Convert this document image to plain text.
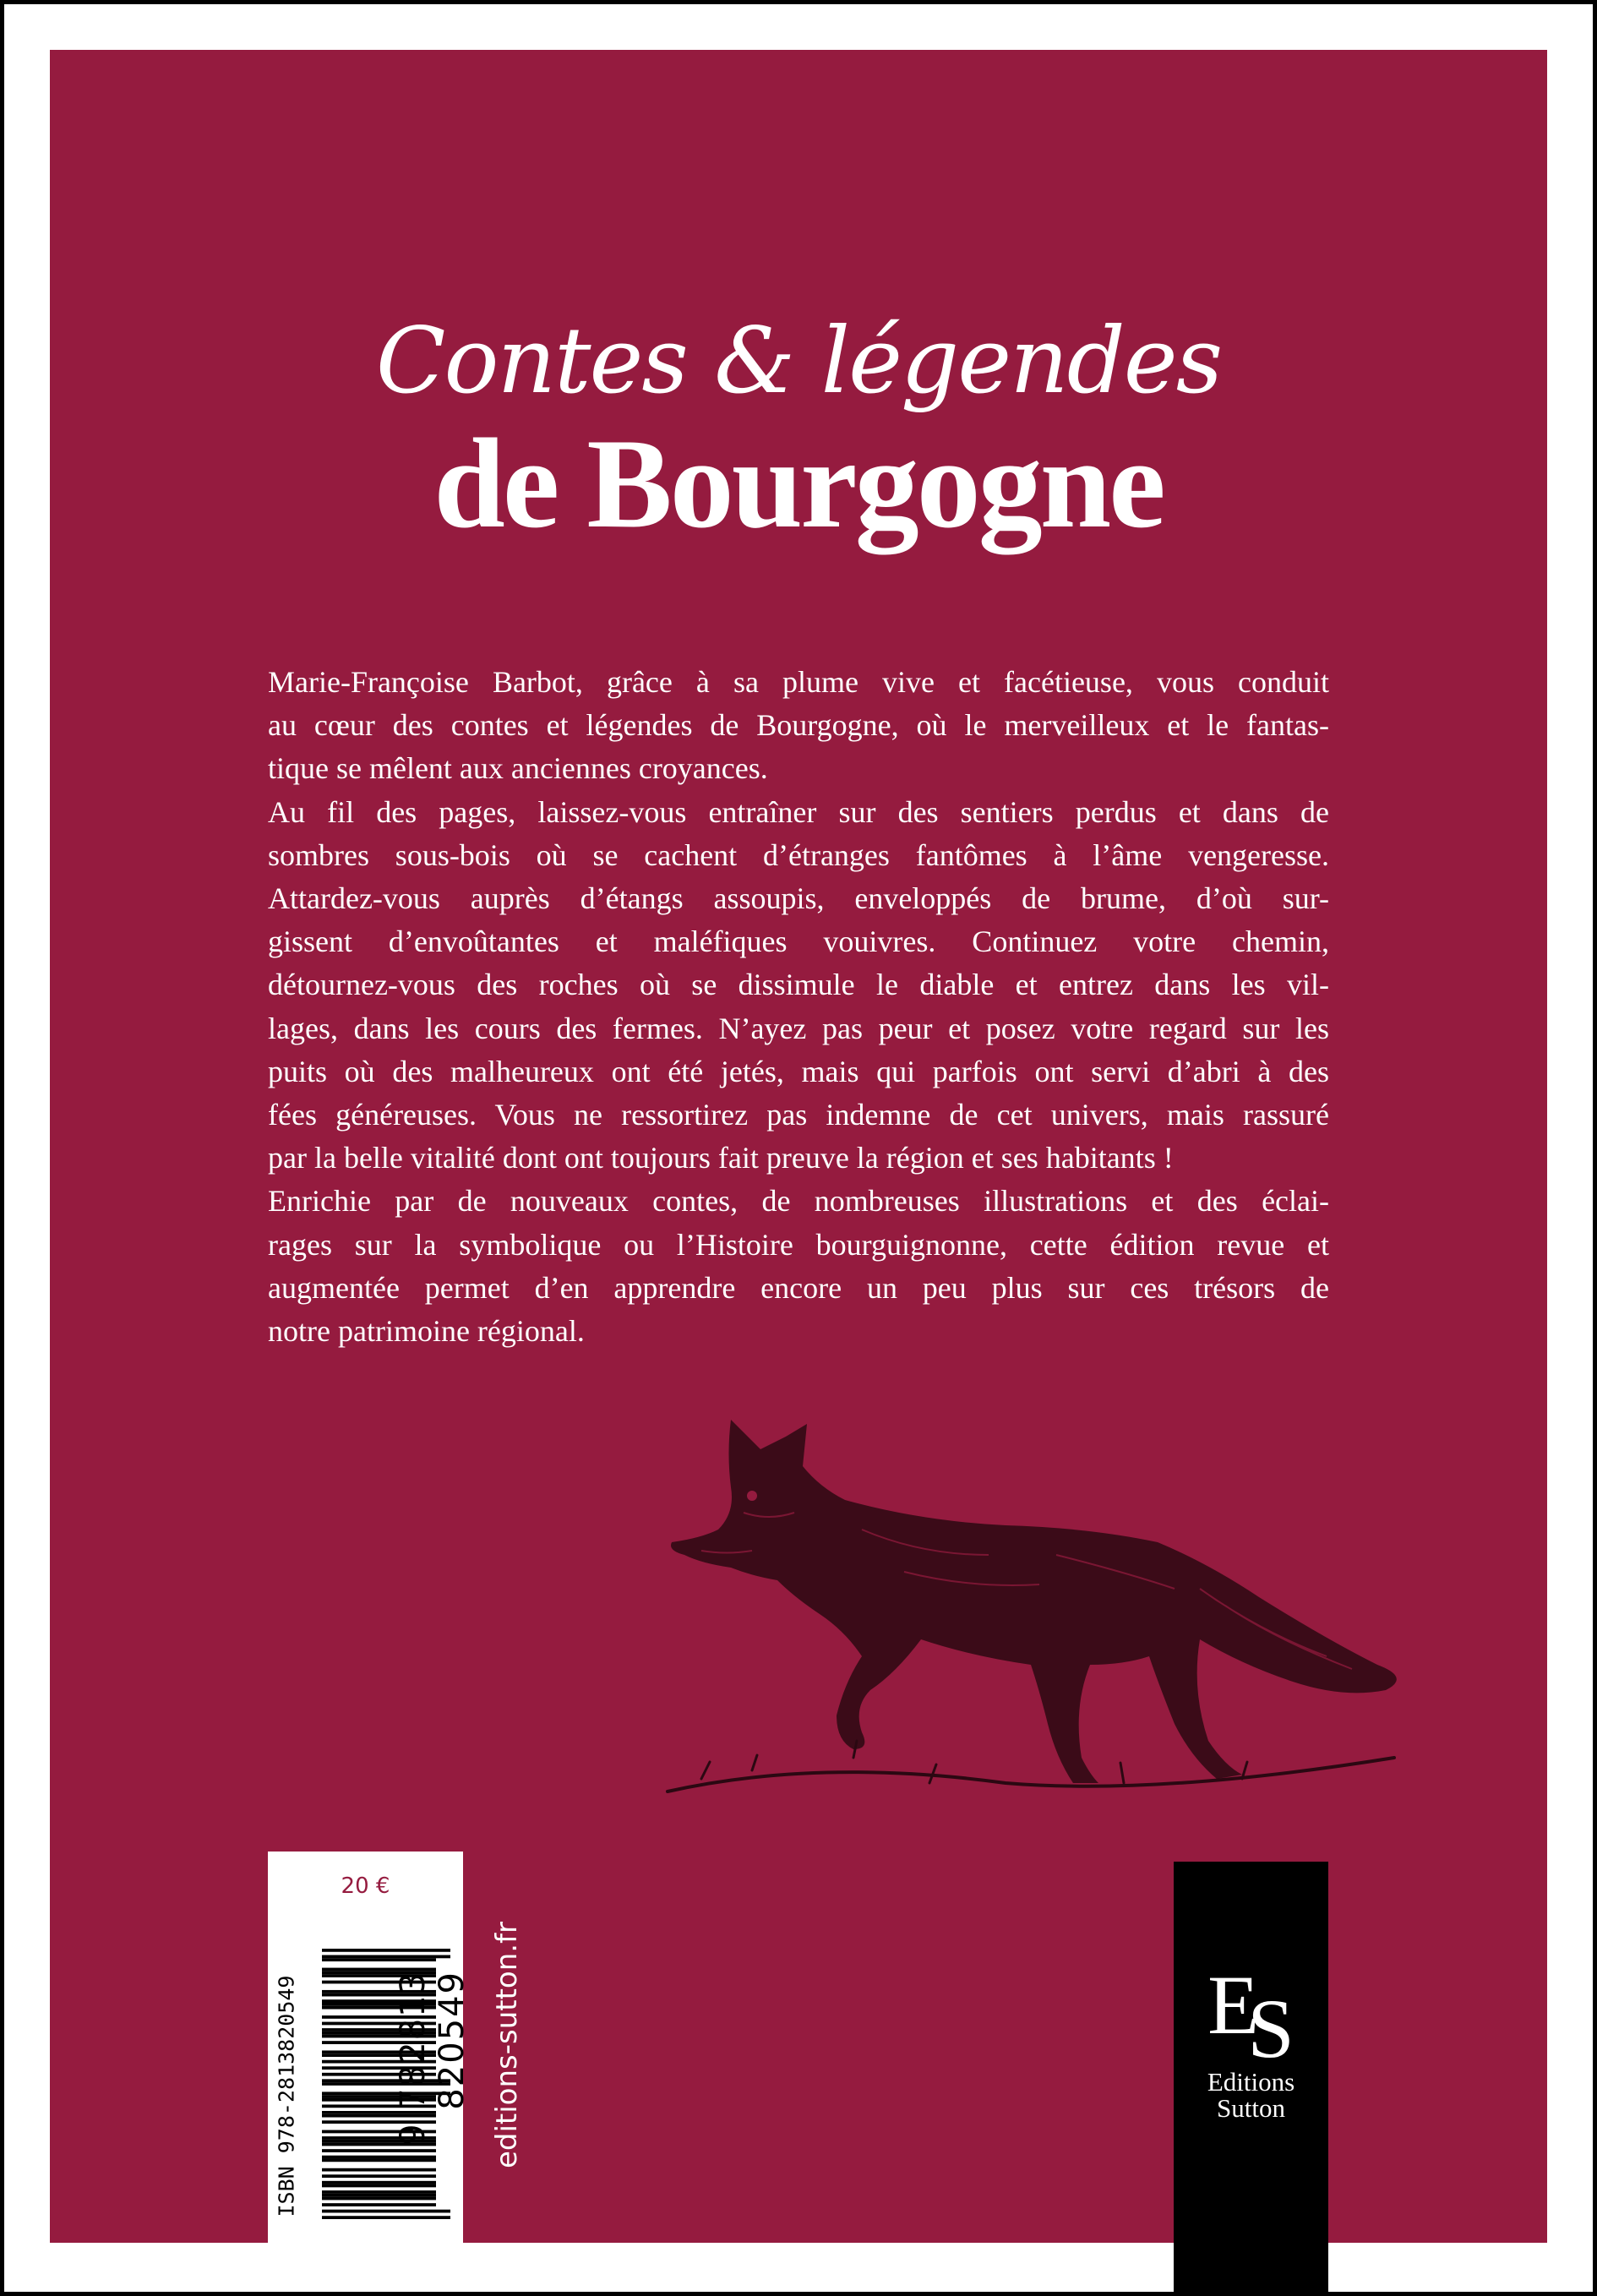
Contes & légendes
de Bourgogne
Marie-Françoise Barbot, grâce à sa plume vive et facétieuse, vous conduit
au cœur des contes et légendes de Bourgogne, où le merveilleux et le fantas-
tique se mêlent aux anciennes croyances.
Au fil des pages, laissez-vous entraîner sur des sentiers perdus et dans de
sombres sous-bois où se cachent d’étranges fantômes à l’âme vengeresse.
Attardez-vous auprès d’étangs assoupis, enveloppés de brume, d’où sur-
gissent d’envoûtantes et maléfiques vouivres. Continuez votre chemin,
détournez-vous des roches où se dissimule le diable et entrez dans les vil-
lages, dans les cours des fermes. N’ayez pas peur et posez votre regard sur les
puits où des malheureux ont été jetés, mais qui parfois ont servi d’abri à des
fées généreuses. Vous ne ressortirez pas indemne de cet univers, mais rassuré
par la belle vitalité dont ont toujours fait preuve la région et ses habitants !
Enrichie par de nouveaux contes, de nombreuses illustrations et des éclai-
rages sur la symbolique ou l’Histoire bourguignonne, cette édition revue et
augmentée permet d’en apprendre encore un peu plus sur ces trésors de
notre patrimoine régional.
20 €
ISBN 978-2813820549	9 782813 820549 editions-sutton.fr	ES
Editions
Sutton
